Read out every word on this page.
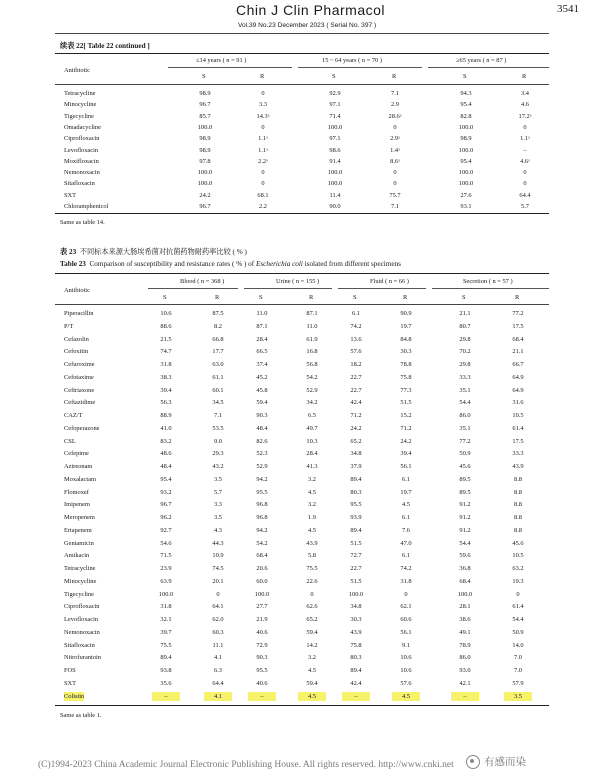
Chin J Clin Pharmacol	3541
Vol.39 No.23 December 2023 ( Serial No. 397 )
续表 22[ Table 22 continued ]
Antibiotic
≤14 years ( n = 91 )	15 ~ 64 years ( n = 70 )	≥65 years ( n = 87 )
S	R	S	R	S	R
Tetracycline	98.9	0	92.9	7.1	94.3	3.4
Minocycline	96.7	3.3	97.1	2.9	95.4	4.6
Tigecycline	85.7	14.3ᵃ	71.4	28.6ᵃ	82.8	17.2ᵃ
Omadacycline	100.0	0	100.0	0	100.0	0
Ciprofloxacin	98.9	1.1ᵃ	97.1	2.9ᵃ	98.9	1.1ᵃ
Levofloxacin	98.9	1.1ᵃ	98.6	1.4ᵃ	100.0	–
Moxifloxacin	97.8	2.2ᵃ	91.4	8.6ᵃ	95.4	4.6ᵃ
Nemonoxacin	100.0	0	100.0	0	100.0	0
Sitafloxacin	100.0	0	100.0	0	100.0	0
SXT	24.2	68.1	11.4	75.7	27.6	64.4
Chloramphenicol	96.7	2.2	90.0	7.1	93.1	5.7
Same as table 14.
表 23 不同标本来源大肠埃希菌对抗菌药物耐药率比较 ( % )
Table 23 Comparison of susceptibility and resistance rates ( % ) of Escherichia coli isolated from different specimens
Antibiotic
Blood ( n = 368 )	Urine ( n = 155 )	Fluid ( n = 66 )	Secretion ( n = 57 )
S	R	S	R	S	R	S	R
Piperacillin	10.6	87.5	11.0	87.1	6.1	90.9	21.1	77.2
P/T	88.6	8.2	87.1	11.0	74.2	19.7	80.7	17.5
Cefazolin	21.5	66.8	28.4	61.9	13.6	84.8	29.8	68.4
Cefoxitin	74.7	17.7	66.5	16.8	57.6	30.3	70.2	21.1
Cefuroxime	31.8	63.0	37.4	56.8	18.2	78.8	29.8	66.7
Cefotaxime	38.3	61.1	45.2	54.2	22.7	75.8	33.3	64.9
Ceftriaxone	39.4	60.1	45.8	52.9	22.7	77.3	35.1	64.9
Ceftazidime	56.3	34.5	59.4	34.2	42.4	51.5	54.4	31.6
CAZ/T	88.9	7.1	90.3	6.5	71.2	15.2	86.0	10.5
Cefoperazone	41.0	53.5	48.4	49.7	24.2	71.2	35.1	61.4
CSL	83.2	9.0	82.6	10.3	65.2	24.2	77.2	17.5
Cefepime	48.6	29.3	52.3	28.4	34.8	39.4	50.9	33.3
Aztreonam	48.4	43.2	52.9	41.3	37.9	56.1	45.6	43.9
Moxalactam	95.4	3.5	94.2	3.2	89.4	6.1	89.5	8.8
Flomoxef	93.2	5.7	95.5	4.5	80.3	19.7	89.5	8.8
Imipenem	96.7	3.3	96.8	3.2	95.5	4.5	91.2	8.8
Meropenem	96.2	3.5	96.8	1.9	93.9	6.1	91.2	8.8
Ertapenem	92.7	4.3	94.2	4.5	89.4	7.6	91.2	8.8
Gentamicin	54.6	44.3	54.2	43.9	51.5	47.0	54.4	45.6
Amikacin	71.5	10.9	68.4	5.8	72.7	6.1	59.6	10.5
Tetracycline	23.9	74.5	20.6	75.5	22.7	74.2	36.8	63.2
Minocycline	63.9	20.1	60.0	22.6	51.5	31.8	68.4	19.3
Tigecycline	100.0	0	100.0	0	100.0	0	100.0	0
Ciprofloxacin	31.8	64.1	27.7	62.6	34.8	62.1	28.1	61.4
Levofloxacin	32.1	62.0	21.9	65.2	30.3	60.6	38.6	54.4
Nemonoxacin	39.7	60.3	40.6	59.4	43.9	56.1	49.1	50.9
Sitafloxacin	75.5	11.1	72.9	14.2	75.8	9.1	78.9	14.0
Nitrofurantoin	89.4	4.1	90.3	3.2	80.3	10.6	86.0	7.0
FOS	93.8	6.3	95.5	4.5	89.4	10.6	93.0	7.0
SXT	35.6	64.4	40.6	59.4	42.4	57.6	42.1	57.9
Colistin	–	4.1	–	4.5	–	4.5	–	3.5
Same as table 1.
(C)1994-2023 China Academic Journal Electronic Publishing House. All rights reserved. http://www.cnki.net	有感而染
